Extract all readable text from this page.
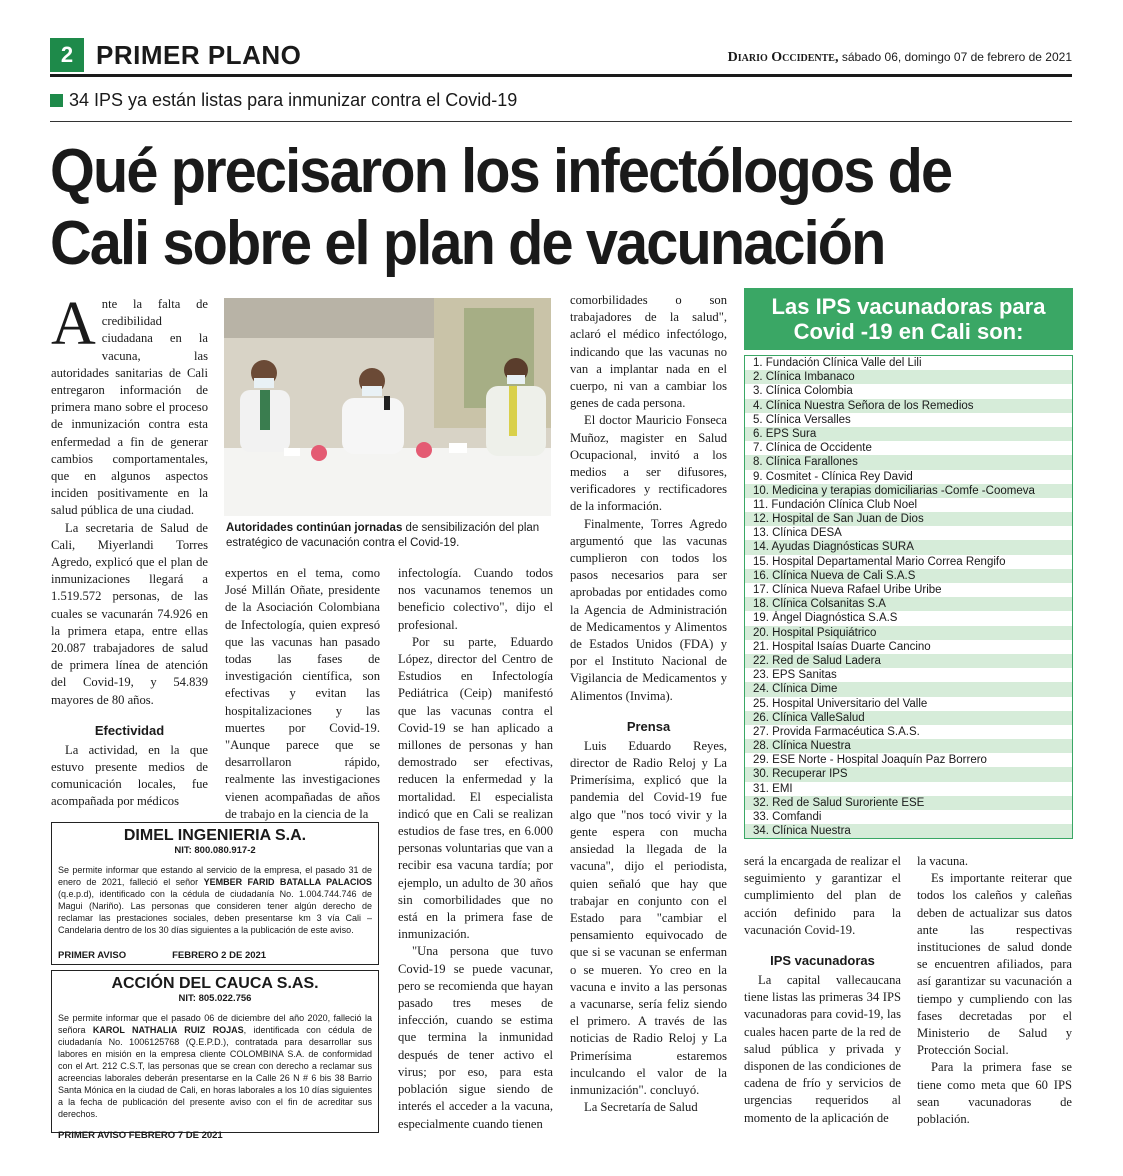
2 PRIMER PLANO	Diario Occidente, sábado 06, domingo 07 de febrero de 2021
34 IPS ya están listas para inmunizar contra el Covid-19
Qué precisaron los infectólogos de
Cali sobre el plan de vacunación

Ante la falta de credibilidad ciudadana en la vacuna, las autoridades sanitarias de Cali entregaron información de primera mano sobre el proceso de inmunización contra esta enfermedad a fin de generar cambios comportamentales, que en algunos aspectos inciden positivamente en la salud pública de una ciudad.

La secretaria de Salud de Cali, Miyerlandi Torres Agredo, explicó que el plan de inmunizaciones llegará a 1.519.572 personas, de las cuales se vacunarán 74.926 en la primera etapa, entre ellas 20.087 trabajadores de salud de primera línea de atención del Covid-19, y 54.839 mayores de 80 años.

Efectividad

La actividad, en la que estuvo presente medios de comunicación locales, fue acompañada por médicos

Autoridades continúan jornadas de sensibilización del plan estratégico de vacunación contra el Covid-19.

expertos en el tema, como José Millán Oñate, presidente de la Asociación Colombiana de Infectología, quien expresó que las vacunas han pasado todas las fases de investigación científica, son efectivas y evitan las hospitalizaciones y las muertes por Covid-19. "Aunque parece que se desarrollaron rápido, realmente las investigaciones vienen acompañadas de años de trabajo en la ciencia de la

infectología. Cuando todos nos vacunamos tenemos un beneficio colectivo", dijo el profesional.

Por su parte, Eduardo López, director del Centro de Estudios en Infectología Pediátrica (Ceip) manifestó que las vacunas contra el Covid-19 se han aplicado a millones de personas y han demostrado ser efectivas, reducen la enfermedad y la mortalidad. El especialista indicó que en Cali se realizan estudios de fase tres, en 6.000 personas voluntarias que van a recibir esa vacuna tardía; por ejemplo, un adulto de 30 años sin comorbilidades que no está en la primera fase de inmunización.

"Una persona que tuvo Covid-19 se puede vacunar, pero se recomienda que hayan pasado tres meses de infección, cuando se estima que termina la inmunidad después de tener activo el virus; por eso, para esta población sigue siendo de interés el acceder a la vacuna, especialmente cuando tienen

comorbilidades o son trabajadores de la salud", aclaró el médico infectólogo, indicando que las vacunas no van a implantar nada en el cuerpo, ni van a cambiar los genes de cada persona.

El doctor Mauricio Fonseca Muñoz, magister en Salud Ocupacional, invitó a los medios a ser difusores, verificadores y rectificadores de la información.

Finalmente, Torres Agredo argumentó que las vacunas cumplieron con todos los pasos necesarios para ser aprobadas por entidades como la Agencia de Administración de Medicamentos y Alimentos de Estados Unidos (FDA) y por el Instituto Nacional de Vigilancia de Medicamentos y Alimentos (Invima).

Prensa

Luis Eduardo Reyes, director de Radio Reloj y La Primerísima, explicó que la pandemia del Covid-19 fue algo que "nos tocó vivir y la gente espera con mucha ansiedad la llegada de la vacuna", dijo el periodista, quien señaló que hay que trabajar en conjunto con el Estado para "cambiar el pensamiento equivocado de que si se vacunan se enferman o se mueren. Yo creo en la vacuna e invito a las personas a vacunarse, sería feliz siendo el primero. A través de las noticias de Radio Reloj y La Primerísima estaremos inculcando el valor de la inmunización". concluyó.

La Secretaría de Salud

Las IPS vacunadoras para Covid -19 en Cali son:
1. Fundación Clínica Valle del Lili
2. Clínica Imbanaco
3. Clínica Colombia
4. Clínica Nuestra Señora de los Remedios
5. Clínica Versalles
6. EPS Sura
7. Clínica de Occidente
8. Clínica Farallones
9. Cosmitet - Clínica Rey David
10. Medicina y terapias domiciliarias -Comfe -Coomeva
11. Fundación Clínica Club Noel
12. Hospital de San Juan de Dios
13. Clínica DESA
14. Ayudas Diagnósticas SURA
15. Hospital Departamental Mario Correa Rengifo
16. Clínica Nueva de Cali S.A.S
17. Clínica Nueva Rafael Uribe Uribe
18. Clínica Colsanitas S.A
19. Ángel Diagnóstica S.A.S
20. Hospital Psiquiátrico
21. Hospital Isaías Duarte Cancino
22. Red de Salud Ladera
23. EPS Sanitas
24. Clínica Dime
25. Hospital Universitario del Valle
26. Clínica ValleSalud
27. Provida Farmacéutica S.A.S.
28. Clínica Nuestra
29. ESE Norte - Hospital Joaquín Paz Borrero
30. Recuperar IPS
31. EMI
32. Red de Salud Suroriente ESE
33. Comfandi
34. Clínica Nuestra

será la encargada de realizar el seguimiento y garantizar el cumplimiento del plan de acción definido para la vacunación Covid-19.

IPS vacunadoras

La capital vallecaucana tiene listas las primeras 34 IPS vacunadoras para covid-19, las cuales hacen parte de la red de salud pública y privada y disponen de las condiciones de cadena de frío y servicios de urgencias requeridos al momento de la aplicación de

la vacuna.

Es importante reiterar que todos los caleños y caleñas deben de actualizar sus datos ante las respectivas instituciones de salud donde se encuentren afiliados, para así garantizar su vacunación a tiempo y cumpliendo con las fases decretadas por el Ministerio de Salud y Protección Social.

Para la primera fase se tiene como meta que 60 IPS sean vacunadoras de población.

DIMEL INGENIERIA S.A.
NIT: 800.080.917-2
Se permite informar que estando al servicio de la empresa, el pasado 31 de enero de 2021, falleció el señor YEMBER FARID BATALLA PALACIOS (q.e.p.d), identificado con la cédula de ciudadanía No. 1.004.744.746 de Magui (Nariño). Las personas que consideren tener algún derecho de reclamar las prestaciones sociales, deben presentarse km 3 vía Cali – Candelaria dentro de los 30 días siguientes a la publicación de este aviso.
PRIMER AVISO	FEBRERO 2 DE 2021
ACCIÓN DEL CAUCA S.AS.
NIT: 805.022.756
Se permite informar que el pasado 06 de diciembre del año 2020, falleció la señora KAROL NATHALIA RUIZ ROJAS, identificada con cédula de ciudadanía No. 1006125768 (Q.E.P.D.), contratada para desarrollar sus labores en misión en la empresa cliente COLOMBINA S.A. de conformidad con el Art. 212 C.S.T, las personas que se crean con derecho a reclamar sus acreencias laborales deberán presentarse en la Calle 26 N # 6 bis 38 Barrio Santa Mónica en la ciudad de Cali, en horas laborales a los 10 días siguientes a la fecha de publicación del presente aviso con el fin de acreditar sus derechos.
PRIMER AVISO FEBRERO 7 DE 2021
